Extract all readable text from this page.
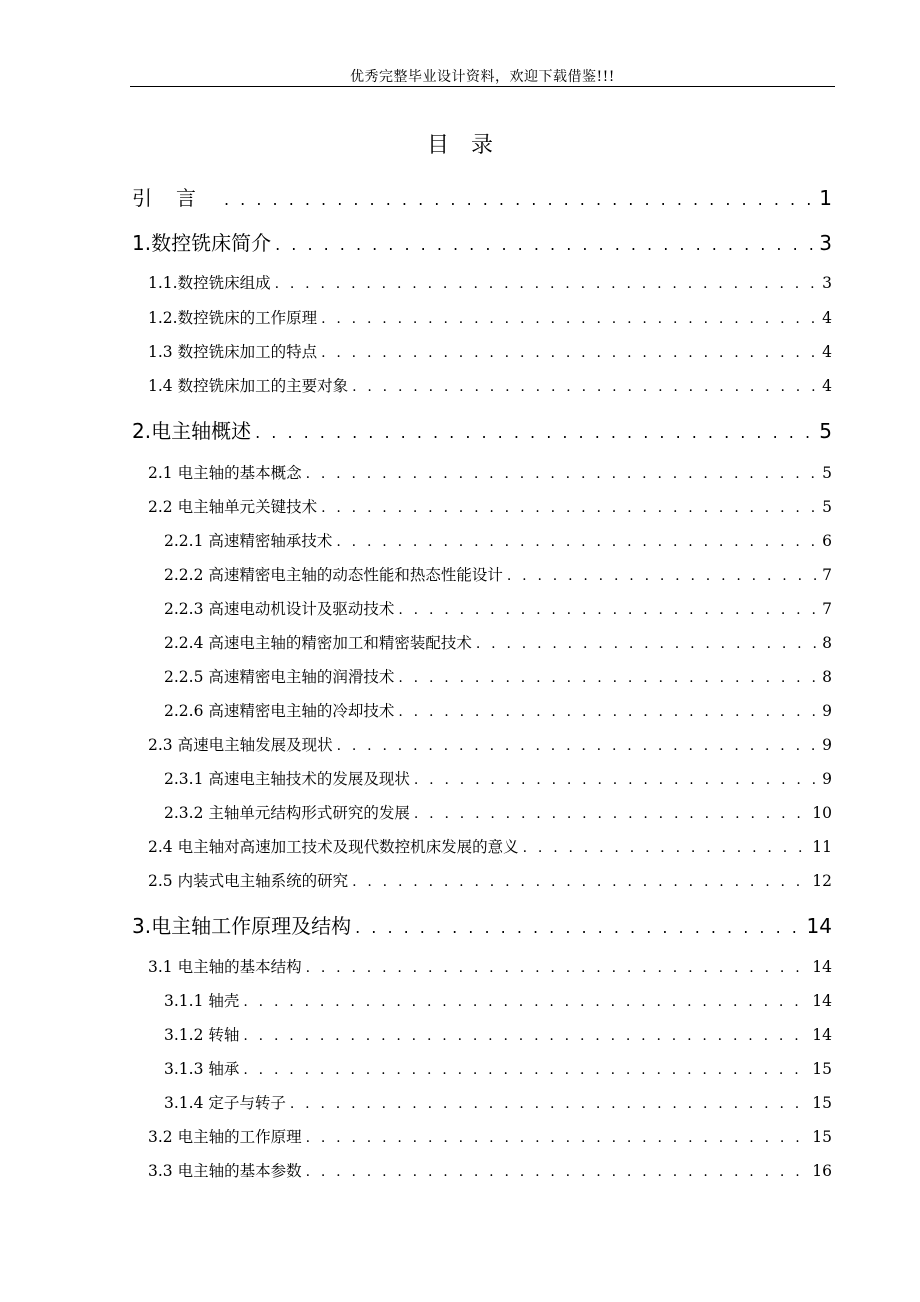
优秀完整毕业设计资料，欢迎下载借鉴!!!
目录
引言 . . .	1
1.数控铣床简介 . . .	3
1.1.数控铣床组成 . . .	3
1.2.数控铣床的工作原理 . . .	4
1.3 数控铣床加工的特点 . . .	4
1.4 数控铣床加工的主要对象 . . .	4
2.电主轴概述 . . .	5
2.1 电主轴的基本概念 . . .	5
2.2 电主轴单元关键技术 . . .	5
2.2.1 高速精密轴承技术 . . .	6
2.2.2 高速精密电主轴的动态性能和热态性能设计 . . .	7
2.2.3 高速电动机设计及驱动技术 . . .	7
2.2.4 高速电主轴的精密加工和精密装配技术 . . .	8
2.2.5 高速精密电主轴的润滑技术 . . .	8
2.2.6 高速精密电主轴的冷却技术 . . .	9
2.3 高速电主轴发展及现状 . . .	9
2.3.1 高速电主轴技术的发展及现状 . . .	9
2.3.2 主轴单元结构形式研究的发展 . . .	10
2.4 电主轴对高速加工技术及现代数控机床发展的意义 . . .	11
2.5 内装式电主轴系统的研究 . . .	12
3.电主轴工作原理及结构 . . .	14
3.1 电主轴的基本结构 . . .	14
3.1.1 轴壳 . . .	14
3.1.2 转轴 . . .	14
3.1.3 轴承 . . .	15
3.1.4 定子与转子 . . .	15
3.2 电主轴的工作原理 . . .	15
3.3 电主轴的基本参数 . . .	16
